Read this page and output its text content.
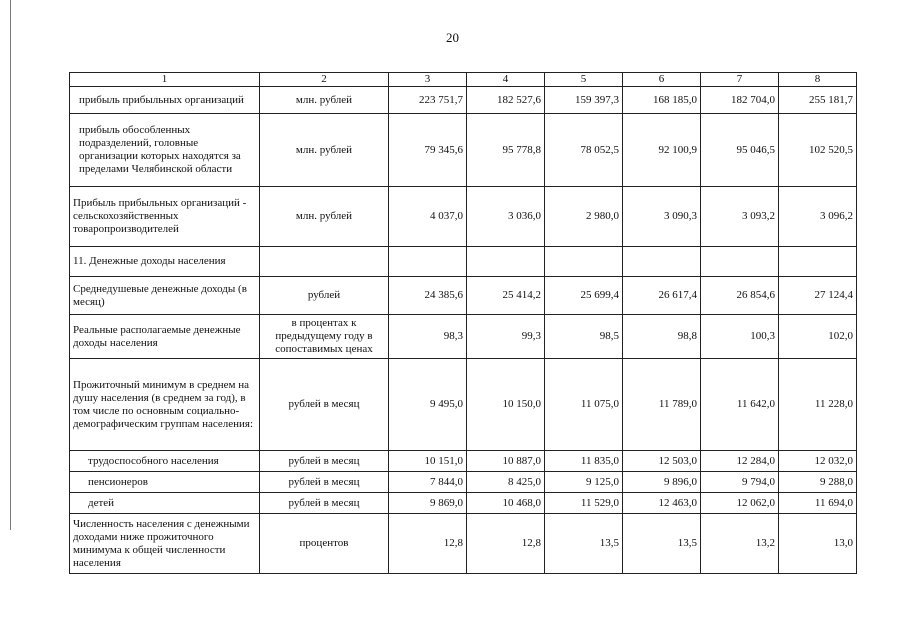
20
1	2	3	4	5	6	7	8
прибыль прибыльных организаций	млн. рублей	223 751,7	182 527,6	159 397,3	168 185,0	182 704,0	255 181,7
прибыль обособленных подразделений, головные организации которых находятся за пределами Челябинской области	млн. рублей	79 345,6	95 778,8	78 052,5	92 100,9	95 046,5	102 520,5
Прибыль прибыльных организаций - сельскохозяйственных товаропроизводителей	млн. рублей	4 037,0	3 036,0	2 980,0	3 090,3	3 093,2	3 096,2
11. Денежные доходы населения							
Среднедушевые денежные доходы (в месяц)	рублей	24 385,6	25 414,2	25 699,4	26 617,4	26 854,6	27 124,4
Реальные располагаемые денежные доходы населения	в процентах к предыдущему году в сопоставимых ценах	98,3	99,3	98,5	98,8	100,3	102,0
Прожиточный минимум в среднем на душу населения (в среднем за год), в том числе по основным социально-демографическим группам населения:	рублей в месяц	9 495,0	10 150,0	11 075,0	11 789,0	11 642,0	11 228,0
трудоспособного населения	рублей в месяц	10 151,0	10 887,0	11 835,0	12 503,0	12 284,0	12 032,0
пенсионеров	рублей в месяц	7 844,0	8 425,0	9 125,0	9 896,0	9 794,0	9 288,0
детей	рублей в месяц	9 869,0	10 468,0	11 529,0	12 463,0	12 062,0	11 694,0
Численность населения с денежными доходами ниже прожиточного минимума к общей численности населения	процентов	12,8	12,8	13,5	13,5	13,2	13,0
